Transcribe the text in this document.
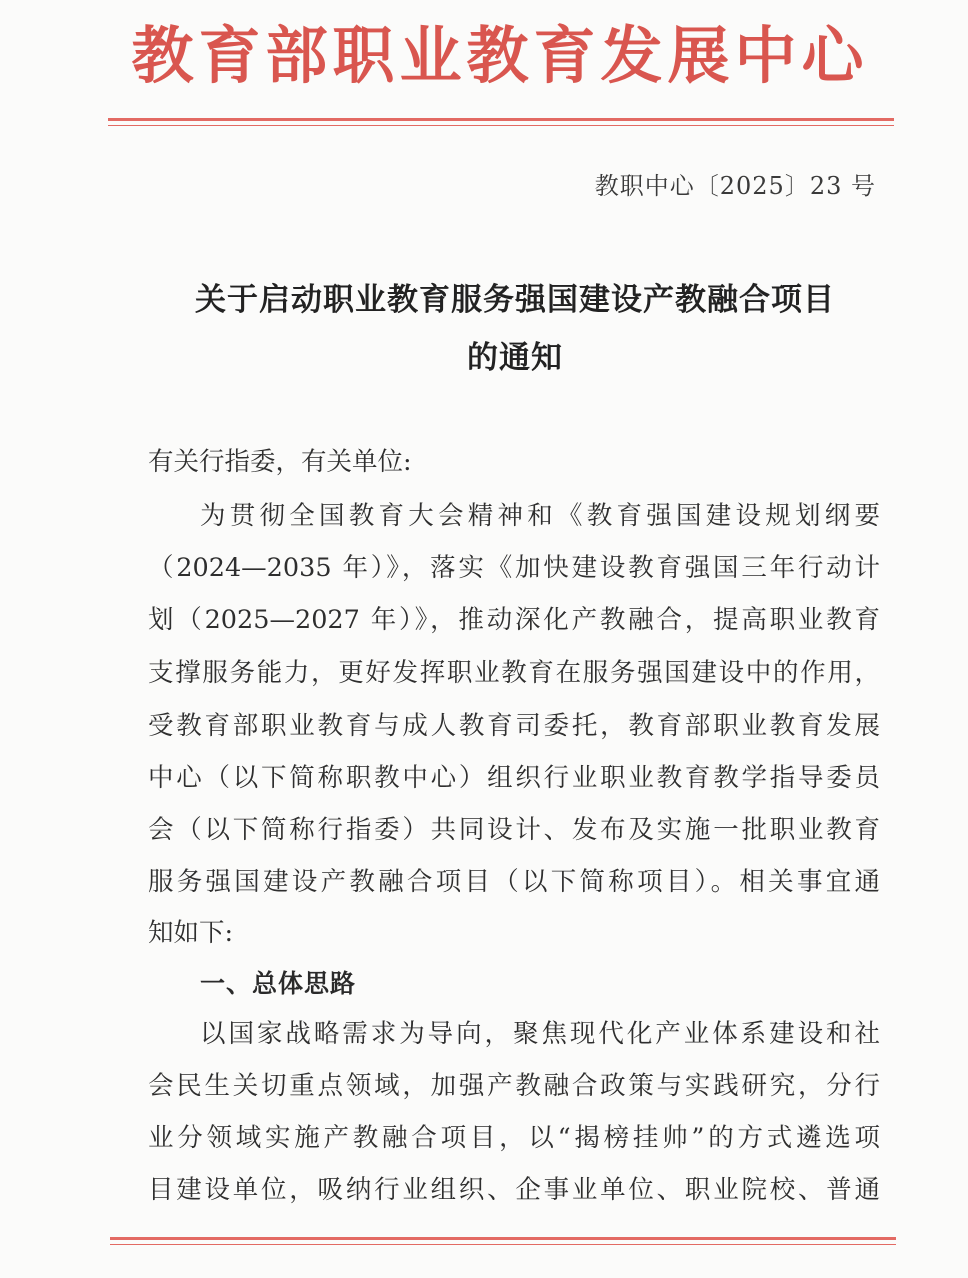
教育部职业教育发展中心
教职中心〔2025〕23 号
关于启动职业教育服务强国建设产教融合项目
的通知
有关行指委，有关单位:
为贯彻全国教育大会精神和《教育强国建设规划纲要
（2024—2035 年）》，落实《加快建设教育强国三年行动计
划（2025—2027 年）》，推动深化产教融合，提高职业教育
支撑服务能力，更好发挥职业教育在服务强国建设中的作用，
受教育部职业教育与成人教育司委托，教育部职业教育发展
中心（以下简称职教中心）组织行业职业教育教学指导委员
会（以下简称行指委）共同设计、发布及实施一批职业教育
服务强国建设产教融合项目（以下简称项目）。相关事宜通
知如下:
一、总体思路
以国家战略需求为导向，聚焦现代化产业体系建设和社
会民生关切重点领域，加强产教融合政策与实践研究，分行
业分领域实施产教融合项目，以“揭榜挂帅”的方式遴选项
目建设单位，吸纳行业组织、企事业单位、职业院校、普通
